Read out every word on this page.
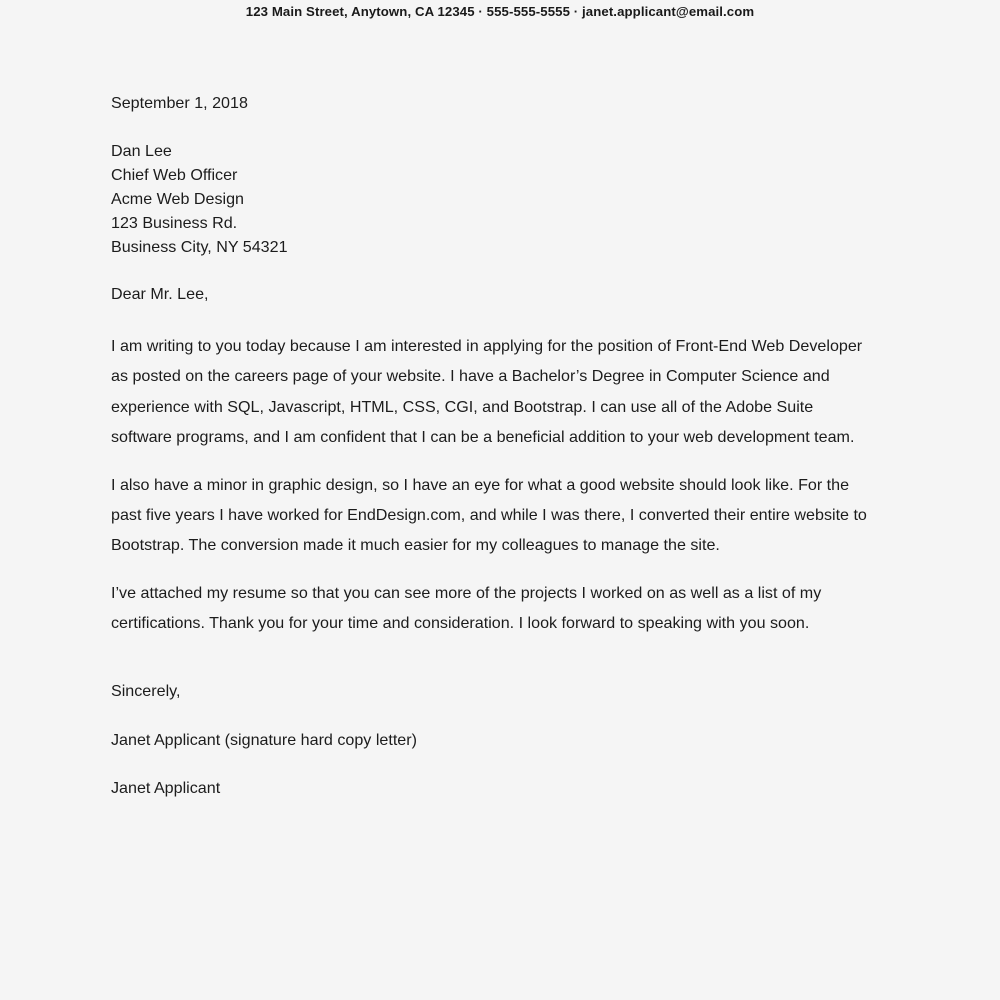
123 Main Street, Anytown, CA 12345 · 555-555-5555 · janet.applicant@email.com

September 1, 2018

Dan Lee
Chief Web Officer
Acme Web Design
123 Business Rd.
Business City, NY 54321

Dear Mr. Lee,

I am writing to you today because I am interested in applying for the position of Front-End Web Developer as posted on the careers page of your website. I have a Bachelor’s Degree in Computer Science and experience with SQL, Javascript, HTML, CSS, CGI, and Bootstrap. I can use all of the Adobe Suite software programs, and I am confident that I can be a beneficial addition to your web development team.

I also have a minor in graphic design, so I have an eye for what a good website should look like. For the past five years I have worked for EndDesign.com, and while I was there, I converted their entire website to Bootstrap. The conversion made it much easier for my colleagues to manage the site.

I’ve attached my resume so that you can see more of the projects I worked on as well as a list of my certifications. Thank you for your time and consideration. I look forward to speaking with you soon.

Sincerely,

Janet Applicant (signature hard copy letter)

Janet Applicant
